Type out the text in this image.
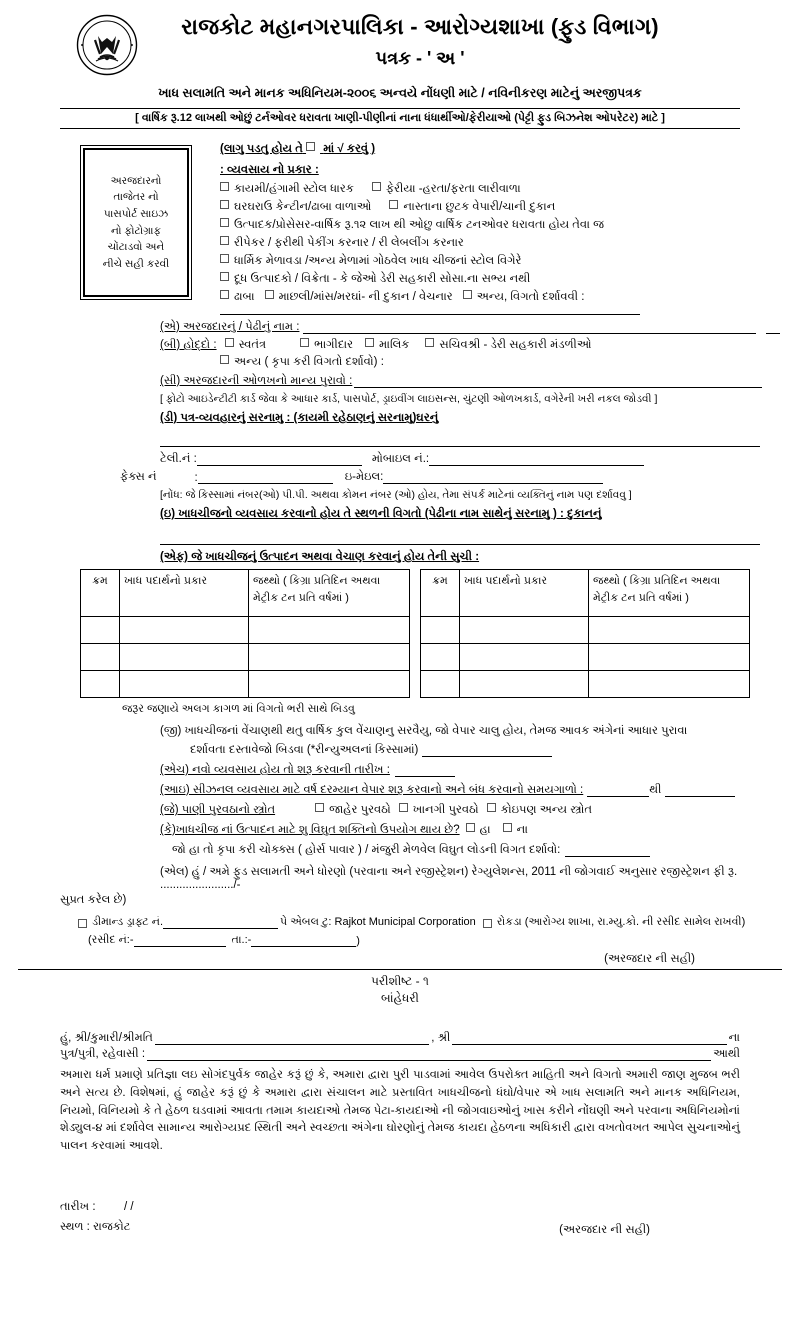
રાજકોટ મહાનગરપાલિકા - આરોગ્યશાખા (ફુડ વિભાગ)
પત્રક - ' અ '
ખાધ સલામતિ અને માનક અધિનિયમ-૨૦૦૬ અન્વયે નોંધણી માટે / નવિનીકરણ માટેનું અરજીપત્રક
[ વાર્ષિક રૂ.12 લાખથી ઓછું ટર્નઓવર ધરાવતા ખાણી-પીણીનાં નાના ધંધાર્થીઓ/ફેરીયાઓ (પેટ્ટી ફુડ બિઝનેશ ઓપરેટર) માટે ]
અરજદારનો
તાજેતર નો
પાસપોર્ટ સાઇઝ
નો ફોટોગ્રાફ
ચોંટાડવો અને
નીચે સહી કરવી
(લાગુ પડતુ હોય તે માં √ કરવું )
: વ્યવસાય નો પ્રકાર :
કાયમી/હંગામી સ્ટોલ ધારક	ફેરીયા -હરતા/ફરતા લારીવાળા
ઘરઘરાઉ કેન્ટીન/ઢાબા વાળાઓ	નાસ્તાના છુટક વેપારી/ચાની દુકાન
ઉત્પાદક/પ્રોસેસર-વાર્ષિક રૂ.૧૨ લાખ થી ઓછુ વાર્ષિક ટનઓવર ધરાવતા હોય તેવા જ
રીપેકર / ફરીથી પેકીંગ કરનાર / રી લેબલીંગ કરનાર
ધાર્મિક મેળાવડા /અન્ય મેળામાં ગોઠવેલ ખાધ ચીજનાં સ્ટોલ વિગેરે
દૂધ ઉત્પાદકો / વિક્રેતા - કે જેઓ ડેરી સહકારી સોસા.ના સભ્ય નથી
ઢાબા માછલી/માંસ/મરઘાં- ની દુકાન / વેચનાર અન્ય, વિગતો દર્શાવવી :
(એ) અરજદારનું / પેઢીનું નામ :
(બી) હોદ્દો : સ્વતંત્ર	ભાગીદાર માલિક	સચિવશ્રી - ડેરી સહકારી મંડળીઓ
અન્ય ( કૃપા કરી વિગતો દર્શાવો) :
(સી) અરજદારની ઓળખનો માન્ય પુરાવો :
[ ફોટો આઇડેન્ટીટી કાર્ડ જેવા કે આધાર કાર્ડ, પાસપોર્ટ, ડ્રાઇવીંગ લાઇસન્સ, ચુંટણી ઓળખકાર્ડ, વગેરેની ખરી નકલ જોડવી ]
(ડી) પત્ર-વ્યવહારનું સરનામુ : (કાયમી રહેઠાણનું સરનામુ)ઘરનું
ટેલી.નં :	મોબાઇલ નં.:
ફેક્સ નં	:	ઇ-મેઇલ:
[નોંધ: જે કિસ્સામાં નંબર(ઓ) પી.પી. અથવા કોમન નંબર (ઓ) હોય, તેમા સંપર્ક માટેનાં વ્યક્તિનું નામ પણ દર્શાવવુ ]
(ઇ) ખાધચીજનો વ્યવસાય કરવાનો હોય તે સ્થળની વિગતો (પેઢીના નામ સાથેનું સરનામુ ) : દુકાનનું
(એફ) જે ખાધચીજનું ઉત્પાદન અથવા વેચાણ કરવાનું હોય તેની સુચી :
ક્રમ	ખાધ પદાર્થનો પ્રકાર	જથ્થો ( કિગ્રા પ્રતિદિન અથવા મેટ્રીક ટન પ્રતિ વર્ષમાં )

ક્રમ	ખાધ પદાર્થનો પ્રકાર	જથ્થો ( કિગ્રા પ્રતિદિન અથવા મેટ્રીક ટન પ્રતિ વર્ષમાં )

જરૂર જણાયે અલગ કાગળ માં વિગતો ભરી સાથે બિડવુ
(જી) ખાધચીજનાં વેંચાણથી થતુ વાર્ષિક કુલ વેંચાણનુ સરવૈયુ, જો વેપાર ચાલુ હોય, તેમજ આવક અંગેનાં આધાર પુરાવા
દર્શાવતા દસ્તાવેજો બિડવા (*રીન્યુઅલનાં કિસ્સામાં)
(એચ) નવો વ્યવસાય હોય તો શરૂ કરવાની તારીખ :
(આઇ) સીઝનલ વ્યવસાય માટે વર્ષ દરમ્યાન વેપાર શરૂ કરવાનો અને બંધ કરવાનો સમયગાળો :	થી
(જે) પાણી પુરવઠાનો સ્ત્રોત	જાહેર પુરવઠો ખાનગી પુરવઠો કોઇપણ અન્ય સ્ત્રોત
(કે)ખાધચીજ નાં ઉત્પાદન માટે શુ વિઘુત શક્તિનો ઉપયોગ થાય છે? હા ના
જો હા તો કૃપા કરી ચોક્ક્સ ( હોર્સ પાવાર ) / મંજુરી મેળવેલ વિઘુત લોડની વિગત દર્શાવો:
(એલ) હું / અમે ફુડ સલામતી અને ધોરણો (પરવાના અને રજીસ્ટ્રેશન) રેગ્યુલેશન્સ, 2011 ની જોગવાઈ અનુસાર રજીસ્ટ્રેશન ફી રૂ. ......................./-
સુપ્રત કરેલ છે)
ડીમાન્ડ ડ્રાફ્ટ નં.	પે એબલ ટુ: Rajkot Municipal Corporation રોકડા (આરોગ્ય શાખા, રા.મ્યુ.કો. ની રસીદ સામેલ રાખવી)
(રસીદ નં:-	તા.:-	)
(અરજદાર ની સહી)
પરીશીષ્ટ - ૧
બાંહેધરી
હું, શ્રી/કુમારી/શ્રીમતિ	, શ્રી	ના
પુત્ર/પુત્રી, રહેવાસી :	આથી
અમારા ધર્મ પ્રમાણે પ્રતિજ્ઞા લઇ સોગંદપુર્વક જાહેર કરૂં છું કે, અમારા દ્વારા પુરી પાડવામાં આવેલ ઉપરોક્ત માહિતી અને વિગતો અમારી જાણ મુજબ ભરી અને સત્ય છે. વિશેષમાં, હું જાહેર કરૂં છું કે અમારા દ્વારા સંચાલન માટે પ્રસ્તાવિત ખાધચીજનો ધંઘો/વેપાર એ ખાધ સલામતિ અને માનક અધિનિયમ, નિયમો, વિનિયમો કે તે હેઠળ ઘડવામાં આવતા તમામ કાયદાઓ તેમજ પેટા-કાયદાઓ ની જોગવાઇઓનું ખાસ કરીને નોંઘણી અને પરવાના અધિનિયમોનાં શેડ્યુલ-૪ માં દર્શાવેલ સામાન્ય આરોગ્યપ્રદ સ્થિતી અને સ્વચ્છતા અંગેના ઘોરણોનું તેમજ કાયદા હેઠળના અધિકારી દ્વારા વખતોવખત આપેલ સુચનાઓનું પાલન કરવામાં આવશે.
તારીખ : / /
સ્થળ : રાજકોટ	(અરજદાર ની સહી)
